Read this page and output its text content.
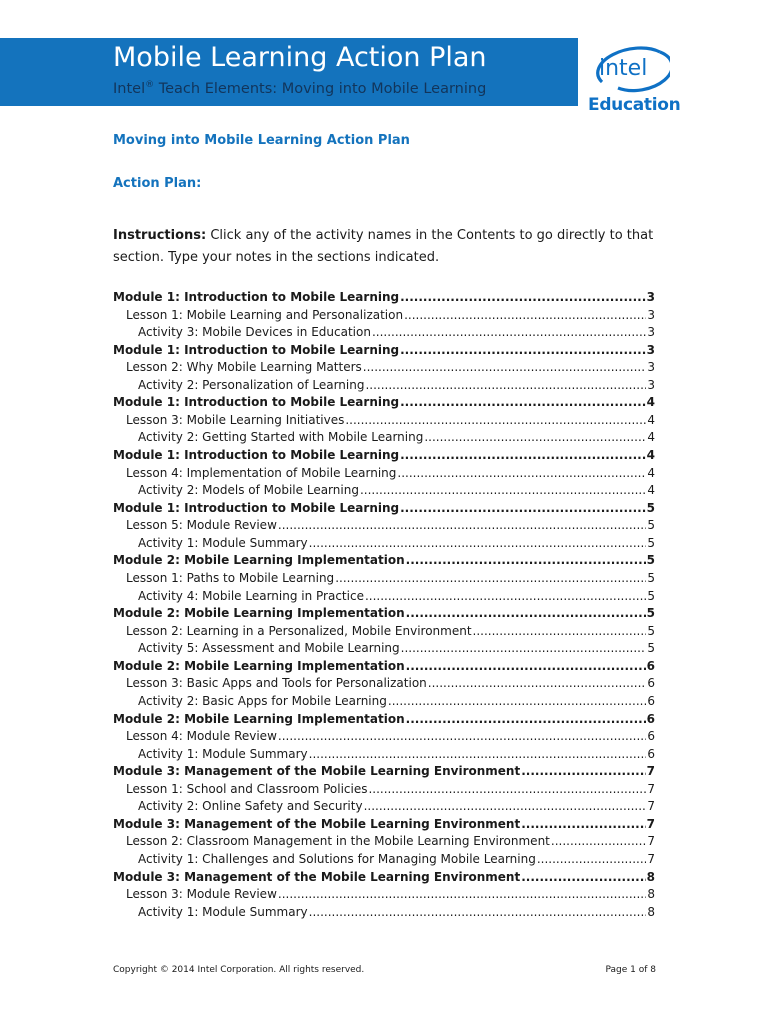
Mobile Learning Action Plan
Intel® Teach Elements: Moving into Mobile Learning
intel
Education
Moving into Mobile Learning Action Plan
Action Plan:
Instructions: Click any of the activity names in the Contents to go directly to that section. Type your notes in the sections indicated.
Module 1: Introduction to Mobile Learning .....	3
Lesson 1: Mobile Learning and Personalization .....	3
Activity 3: Mobile Devices in Education .....	3
Module 1: Introduction to Mobile Learning .....	3
Lesson 2: Why Mobile Learning Matters .....	3
Activity 2: Personalization of Learning .....	3
Module 1: Introduction to Mobile Learning .....	4
Lesson 3: Mobile Learning Initiatives .....	4
Activity 2: Getting Started with Mobile Learning .....	4
Module 1: Introduction to Mobile Learning .....	4
Lesson 4: Implementation of Mobile Learning .....	4
Activity 2: Models of Mobile Learning .....	4
Module 1: Introduction to Mobile Learning .....	5
Lesson 5: Module Review .....	5
Activity 1: Module Summary .....	5
Module 2: Mobile Learning Implementation .....	5
Lesson 1: Paths to Mobile Learning .....	5
Activity 4: Mobile Learning in Practice .....	5
Module 2: Mobile Learning Implementation .....	5
Lesson 2: Learning in a Personalized, Mobile Environment .....	5
Activity 5: Assessment and Mobile Learning .....	5
Module 2: Mobile Learning Implementation .....	6
Lesson 3: Basic Apps and Tools for Personalization .....	6
Activity 2: Basic Apps for Mobile Learning .....	6
Module 2: Mobile Learning Implementation .....	6
Lesson 4: Module Review .....	6
Activity 1: Module Summary .....	6
Module 3: Management of the Mobile Learning Environment .....	7
Lesson 1: School and Classroom Policies .....	7
Activity 2: Online Safety and Security .....	7
Module 3: Management of the Mobile Learning Environment .....	7
Lesson 2: Classroom Management in the Mobile Learning Environment .....	7
Activity 1: Challenges and Solutions for Managing Mobile Learning .....	7
Module 3: Management of the Mobile Learning Environment .....	8
Lesson 3: Module Review .....	8
Activity 1: Module Summary .....	8
Copyright © 2014 Intel Corporation. All rights reserved.	Page 1 of 8
